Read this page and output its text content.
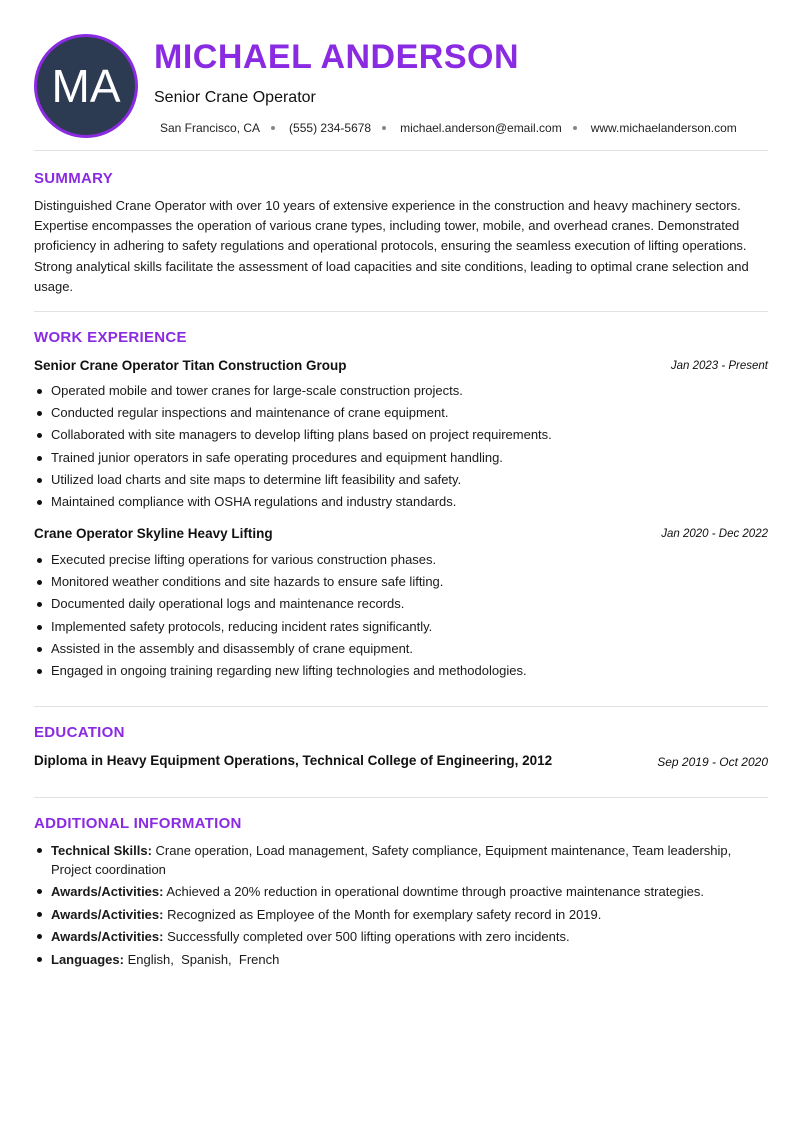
MA
MICHAEL ANDERSON
Senior Crane Operator
San Francisco, CA (555) 234-5678 michael.anderson@email.com www.michaelanderson.com
SUMMARY
Distinguished Crane Operator with over 10 years of extensive experience in the construction and heavy machinery sectors. Expertise encompasses the operation of various crane types, including tower, mobile, and overhead cranes. Demonstrated proficiency in adhering to safety regulations and operational protocols, ensuring the seamless execution of lifting operations. Strong analytical skills facilitate the assessment of load capacities and site conditions, leading to optimal crane selection and usage.
WORK EXPERIENCE
Senior Crane Operator Titan Construction Group	Jan 2023 - Present
Operated mobile and tower cranes for large-scale construction projects.
Conducted regular inspections and maintenance of crane equipment.
Collaborated with site managers to develop lifting plans based on project requirements.
Trained junior operators in safe operating procedures and equipment handling.
Utilized load charts and site maps to determine lift feasibility and safety.
Maintained compliance with OSHA regulations and industry standards.
Crane Operator Skyline Heavy Lifting	Jan 2020 - Dec 2022
Executed precise lifting operations for various construction phases.
Monitored weather conditions and site hazards to ensure safe lifting.
Documented daily operational logs and maintenance records.
Implemented safety protocols, reducing incident rates significantly.
Assisted in the assembly and disassembly of crane equipment.
Engaged in ongoing training regarding new lifting technologies and methodologies.
EDUCATION
Diploma in Heavy Equipment Operations, Technical College of Engineering, 2012	Sep 2019 - Oct 2020
ADDITIONAL INFORMATION
Technical Skills: Crane operation, Load management, Safety compliance, Equipment maintenance, Team leadership, Project coordination
Awards/Activities: Achieved a 20% reduction in operational downtime through proactive maintenance strategies.
Awards/Activities: Recognized as Employee of the Month for exemplary safety record in 2019.
Awards/Activities: Successfully completed over 500 lifting operations with zero incidents.
Languages: English, Spanish, French
